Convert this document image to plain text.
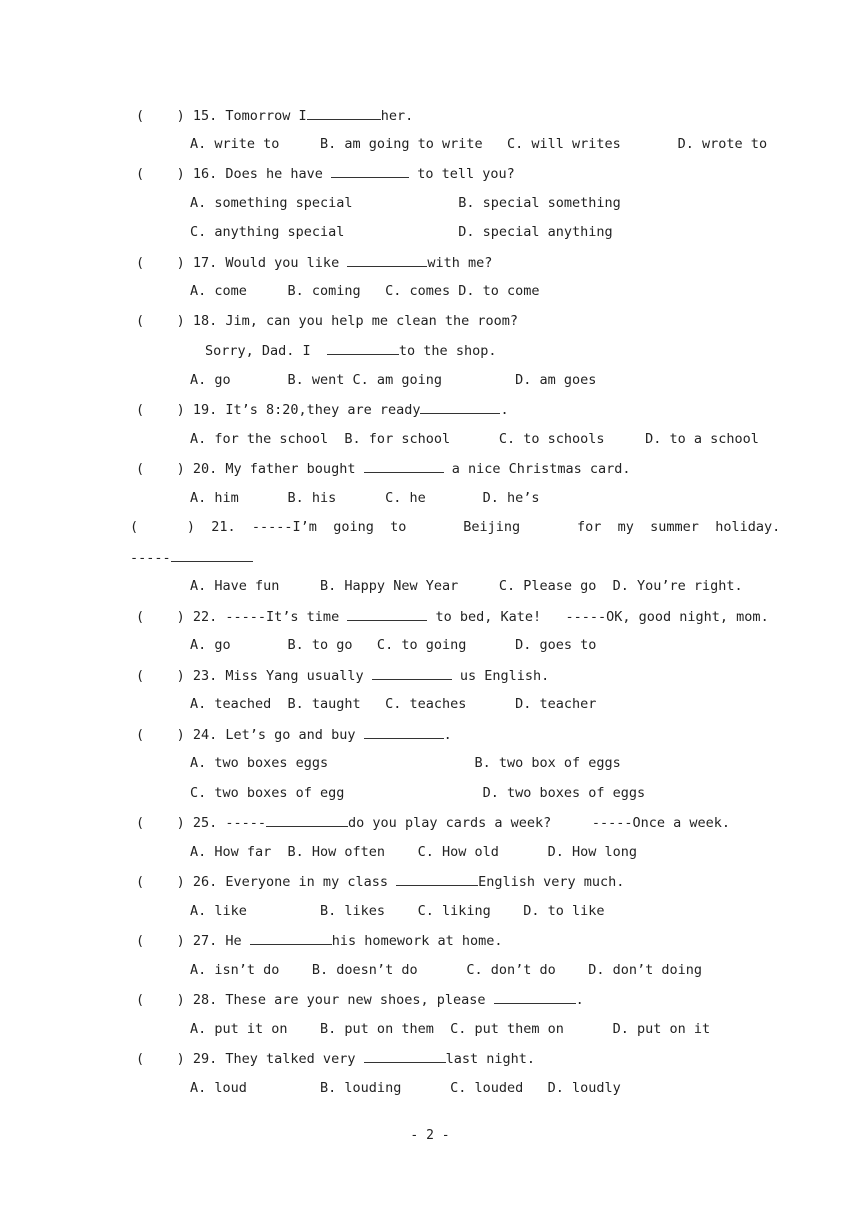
(    ) 15. Tomorrow I	her.
A. write to     B. am going to write   C. will writes       D. wrote to
(    ) 16. Does he have	to tell you?
A. something special             B. special something
C. anything special              D. special anything
(    ) 17. Would you like	with me?
A. come     B. coming   C. comes D. to come
(    ) 18. Jim, can you help me clean the room?
Sorry, Dad. I	to the shop.
A. go       B. went C. am going         D. am goes
(    ) 19. It’s 8:20,they are ready	.
A. for the school  B. for school      C. to schools     D. to a school
(    ) 20. My father bought	a nice Christmas card.
A. him      B. his      C. he       D. he’s
(      )  21.  -----I’m  going  to       Beijing       for  my  summer  holiday.
-----
A. Have fun     B. Happy New Year     C. Please go  D. You’re right.
(    ) 22. -----It’s time	to bed, Kate!   -----OK, good night, mom.
A. go       B. to go   C. to going      D. goes to
(    ) 23. Miss Yang usually	us English.
A. teached  B. taught   C. teaches      D. teacher
(    ) 24. Let’s go and buy	.
A. two boxes eggs                  B. two box of eggs
C. two boxes of egg                 D. two boxes of eggs
(    ) 25. -----	do you play cards a week?     -----Once a week.
A. How far  B. How often    C. How old      D. How long
(    ) 26. Everyone in my class	English very much.
A. like         B. likes    C. liking    D. to like
(    ) 27. He	his homework at home.
A. isn’t do    B. doesn’t do      C. don’t do    D. don’t doing
(    ) 28. These are your new shoes, please	.
A. put it on    B. put on them  C. put them on      D. put on it
(    ) 29. They talked very	last night.
A. loud         B. louding      C. louded   D. loudly
- 2 -
